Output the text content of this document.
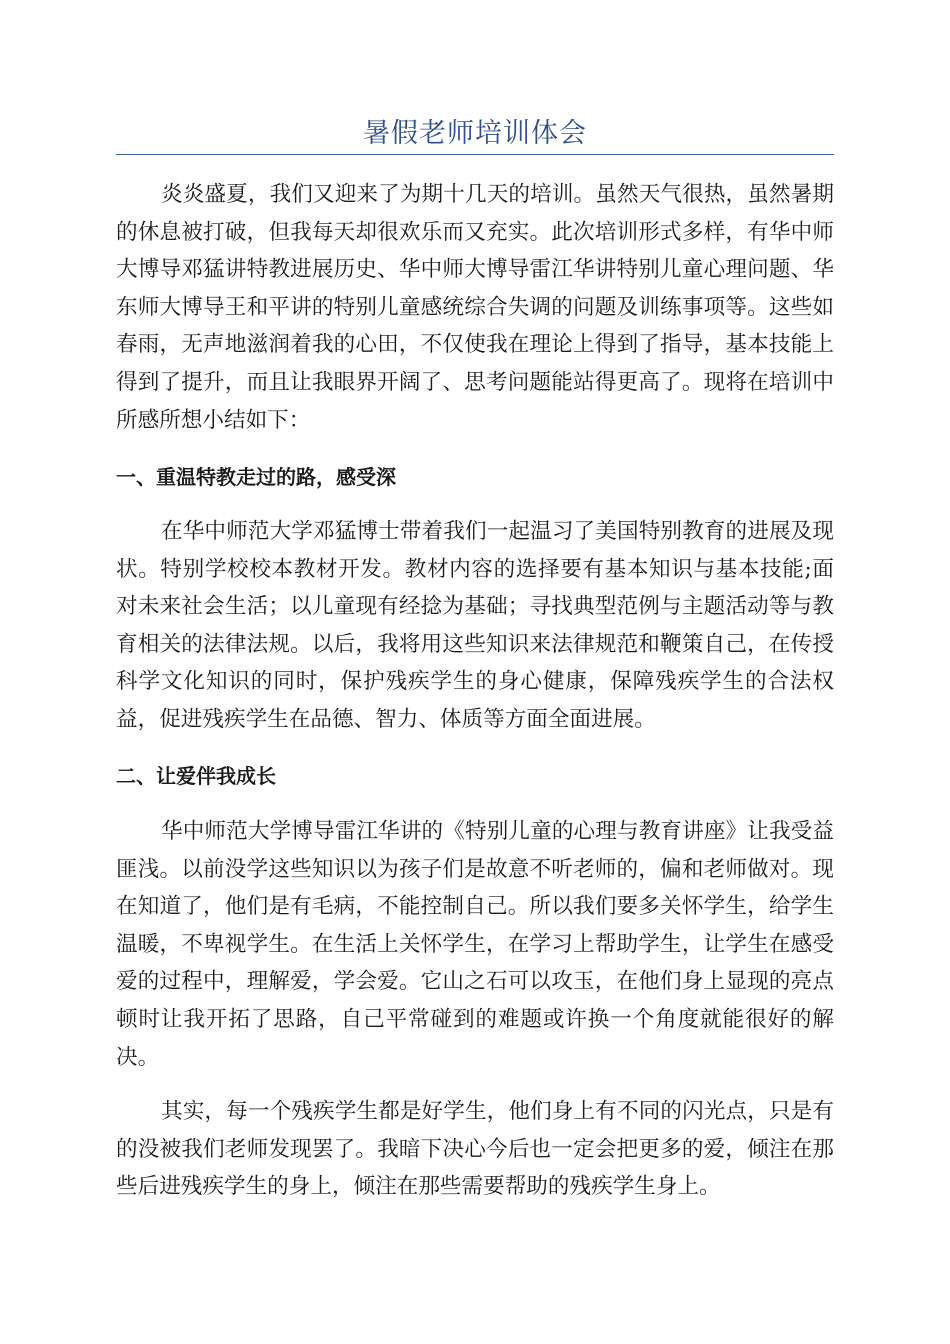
暑假老师培训体会
炎炎盛夏，我们又迎来了为期十几天的培训。虽然天气很热，虽然暑期的休息被打破，但我每天却很欢乐而又充实。此次培训形式多样，有华中师大博导邓猛讲特教进展历史、华中师大博导雷江华讲特别儿童心理问题、华东师大博导王和平讲的特别儿童感统综合失调的问题及训练事项等。这些如春雨，无声地滋润着我的心田，不仅使我在理论上得到了指导，基本技能上得到了提升，而且让我眼界开阔了、思考问题能站得更高了。现将在培训中所感所想小结如下：
一、重温特教走过的路，感受深
在华中师范大学邓猛博士带着我们一起温习了美国特别教育的进展及现状。特别学校校本教材开发。教材内容的选择要有基本知识与基本技能;面对未来社会生活；以儿童现有经捻为基础；寻找典型范例与主题活动等与教育相关的法律法规。以后，我将用这些知识来法律规范和鞭策自己，在传授科学文化知识的同时，保护残疾学生的身心健康，保障残疾学生的合法权益，促进残疾学生在品德、智力、体质等方面全面进展。
二、让爱伴我成长
华中师范大学博导雷江华讲的《特别儿童的心理与教育讲座》让我受益匪浅。以前没学这些知识以为孩子们是故意不听老师的，偏和老师做对。现在知道了，他们是有毛病，不能控制自己。所以我们要多关怀学生，给学生温暖，不卑视学生。在生活上关怀学生，在学习上帮助学生，让学生在感受爱的过程中，理解爱，学会爱。它山之石可以攻玉，在他们身上显现的亮点顿时让我开拓了思路，自己平常碰到的难题或许换一个角度就能很好的解决。
其实，每一个残疾学生都是好学生，他们身上有不同的闪光点，只是有的没被我们老师发现罢了。我暗下决心今后也一定会把更多的爱，倾注在那些后进残疾学生的身上，倾注在那些需要帮助的残疾学生身上。
